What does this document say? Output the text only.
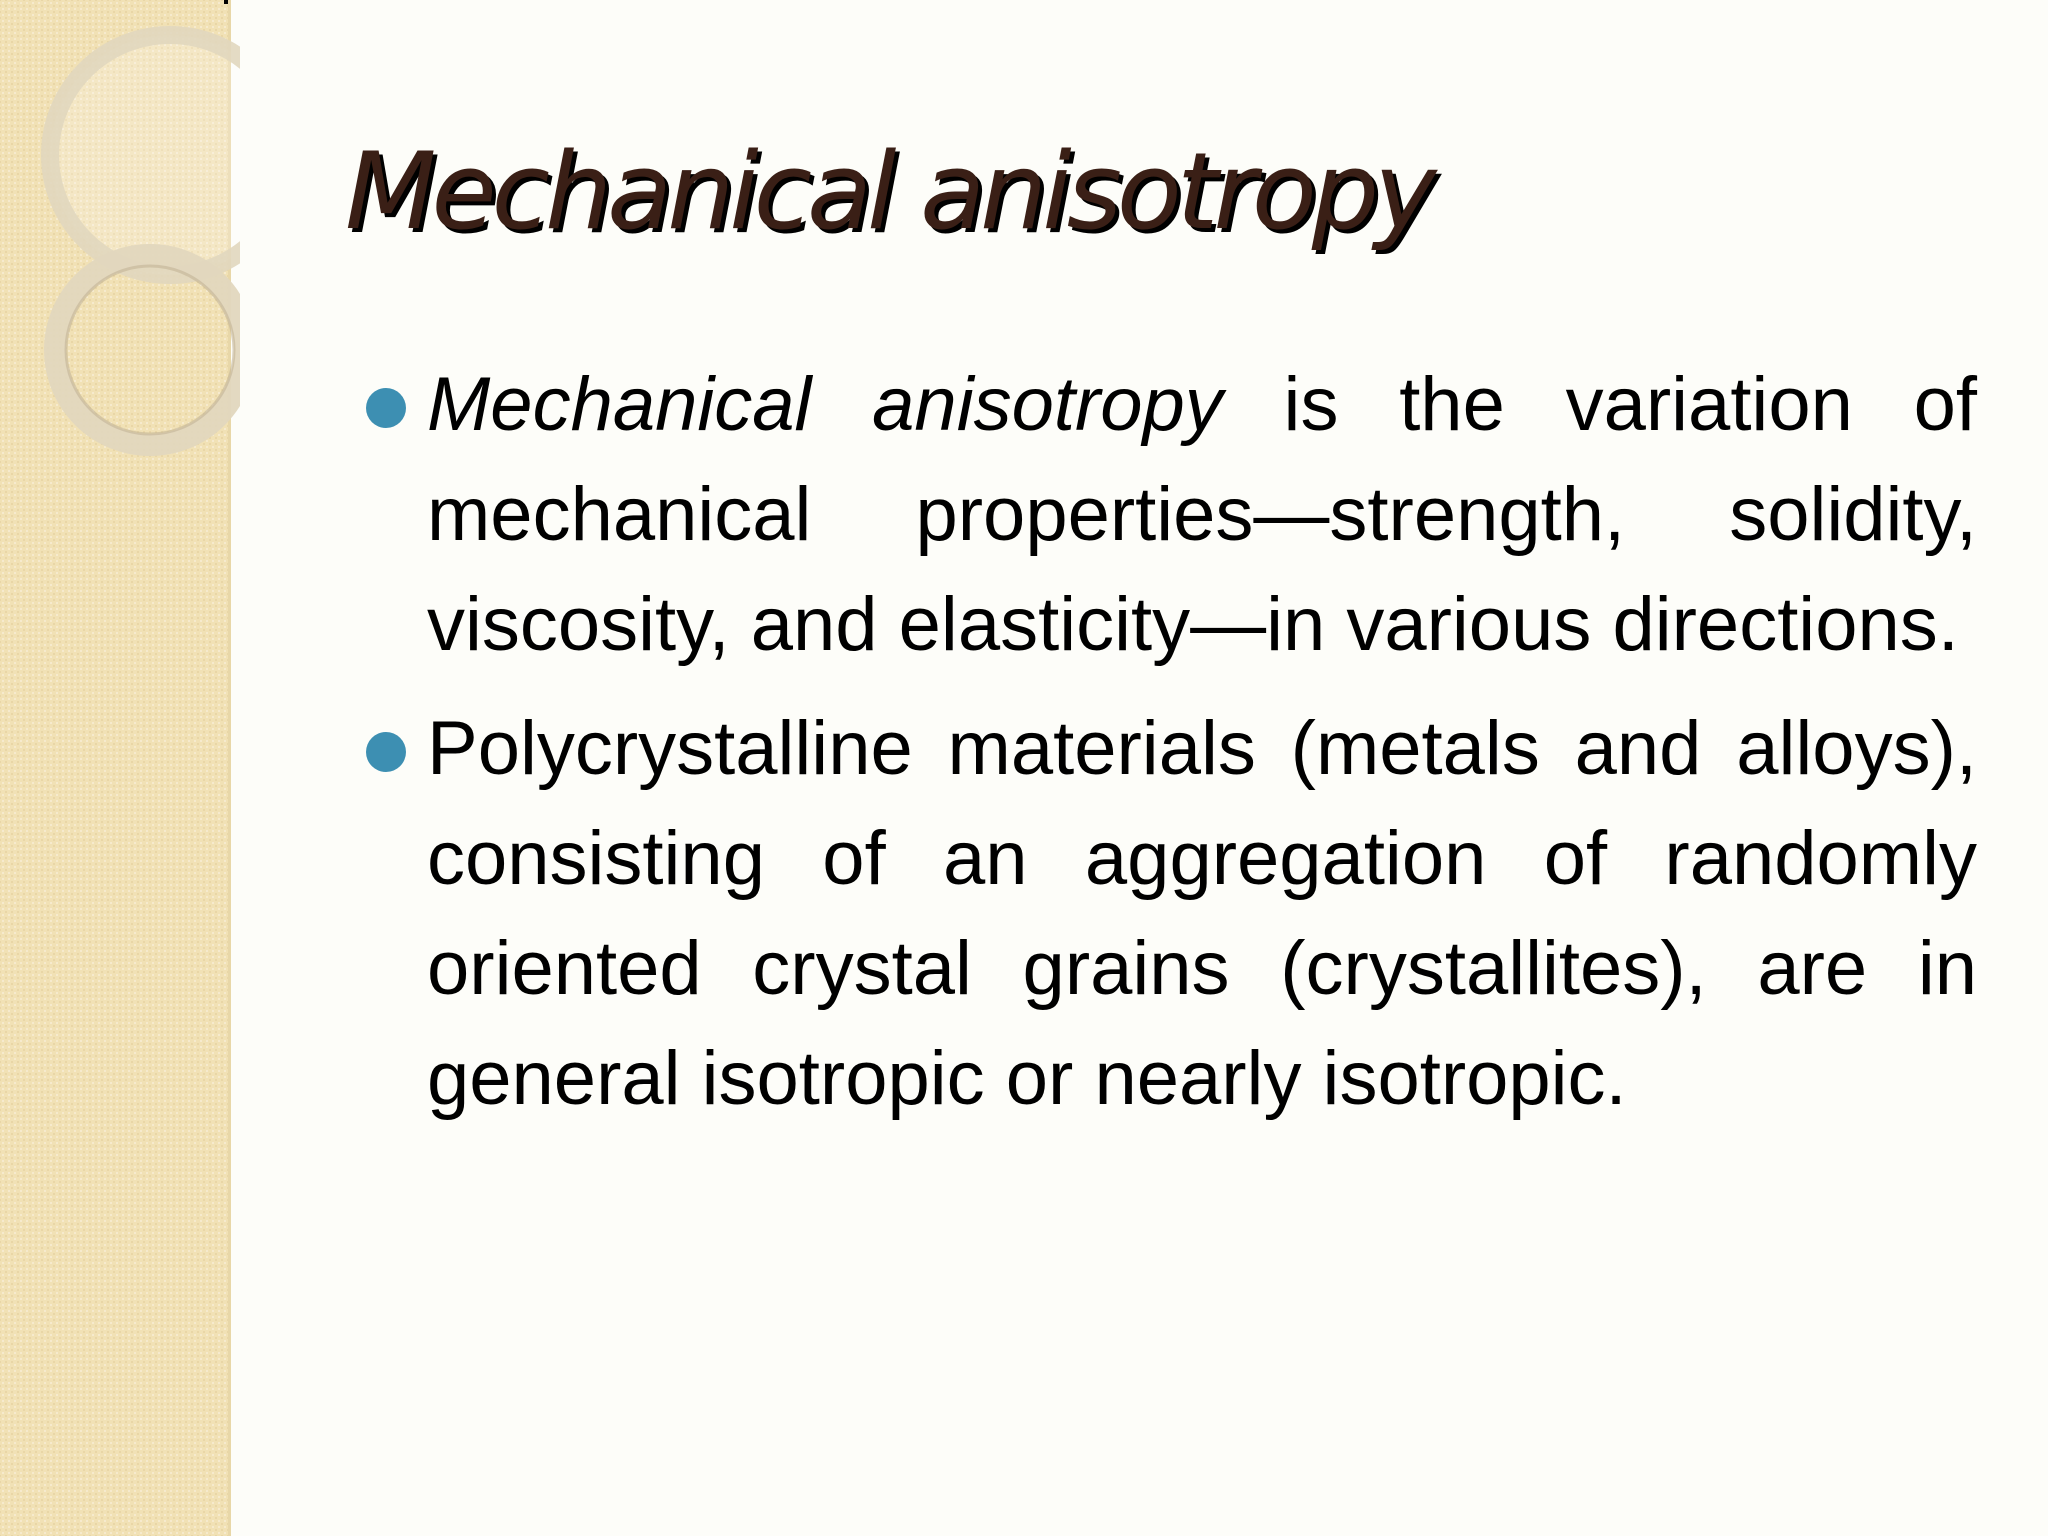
Mechanical anisotropy
Mechanical anisotropy is the variation of mechanical properties—strength, solidity, viscosity, and elasticity—in various directions.
Polycrystalline materials (metals and alloys), consisting of an aggregation of randomly oriented crystal grains (crystallites), are in general isotropic or nearly isotropic.
